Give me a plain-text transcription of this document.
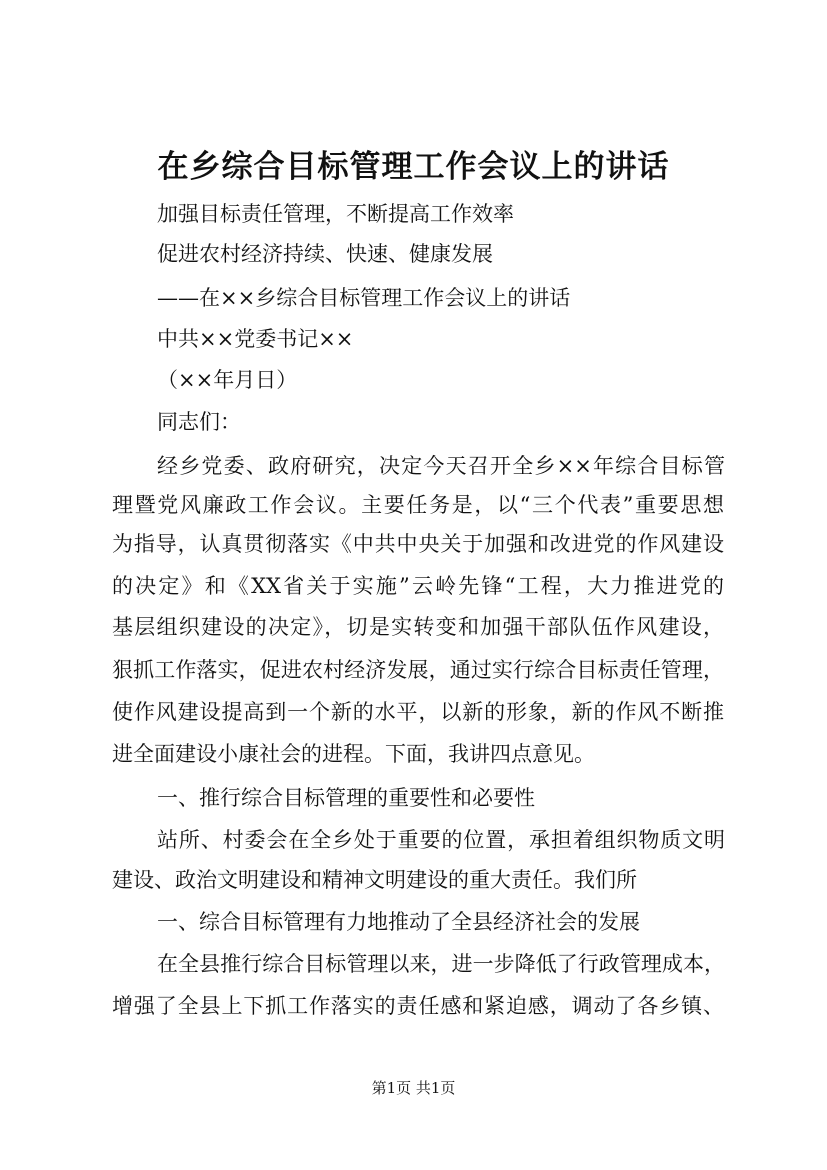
在乡综合目标管理工作会议上的讲话

加强目标责任管理，不断提高工作效率

促进农村经济持续、快速、健康发展

——在××乡综合目标管理工作会议上的讲话

中共××党委书记××

（××年月日）

同志们：

经乡党委、政府研究，决定今天召开全乡××年综合目标管

理暨党风廉政工作会议。主要任务是，以“三个代表”重要思想

为指导，认真贯彻落实《中共中央关于加强和改进党的作风建设

的决定》和《XX省关于实施”云岭先锋“工程，大力推进党的

基层组织建设的决定》，切是实转变和加强干部队伍作风建设，

狠抓工作落实，促进农村经济发展，通过实行综合目标责任管理，

使作风建设提高到一个新的水平，以新的形象，新的作风不断推

进全面建设小康社会的进程。下面，我讲四点意见。

一、推行综合目标管理的重要性和必要性

站所、村委会在全乡处于重要的位置，承担着组织物质文明

建设、政治文明建设和精神文明建设的重大责任。我们所

一、综合目标管理有力地推动了全县经济社会的发展

在全县推行综合目标管理以来，进一步降低了行政管理成本，

增强了全县上下抓工作落实的责任感和紧迫感，调动了各乡镇、

第1页 共1页
